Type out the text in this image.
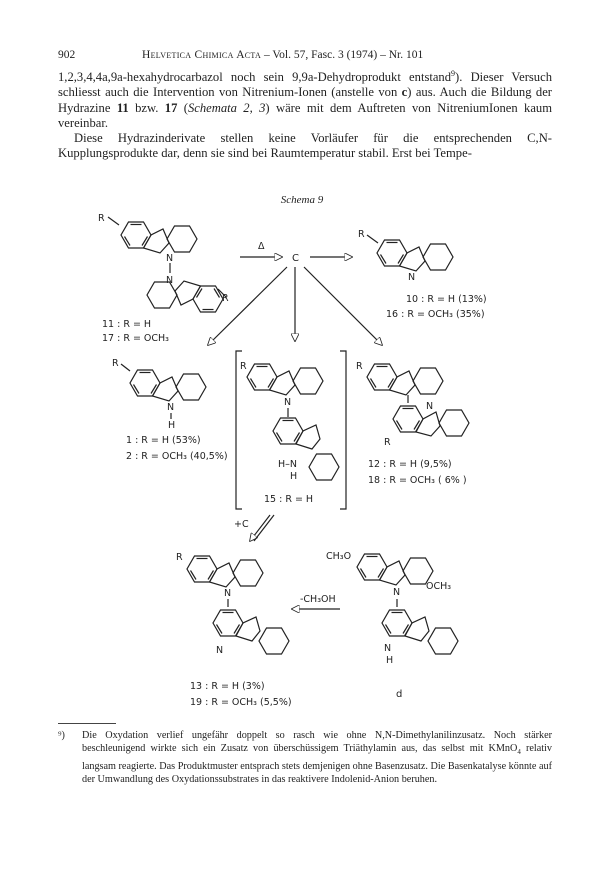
902	Helvetica Chimica Acta – Vol. 57, Fasc. 3 (1974) – Nr. 101

1,2,3,4,4a,9a-hexahydrocarbazol noch sein 9,9a-Dehydroprodukt entstand$^9$). Dieser Versuch schliesst auch die Intervention von Nitrenium-Ionen (anstelle von c) aus. Auch die Bildung der Hydrazine 11 bzw. 17 (Schemata 2, 3) wäre mit dem Auftreten von NitreniumIonen kaum vereinbar.

Diese Hydrazinderivate stellen keine Vorläufer für die entsprechenden C,N-Kupplungsprodukte dar, denn sie sind bei Raumtemperatur stabil. Erst bei Tempe-

Schema 9
R
N
N
R
11 : R = H
17 : R = OCH₃
Δ
C
R
N
10 : R = H (13%)
16 : R = OCH₃ (35%)
R
N
H
1 : R = H (53%)
2 : R = OCH₃ (40,5%)
R
N
H–N
H
15 : R = H
R
N
R
12 : R = H (9,5%)
18 : R = OCH₃ ( 6% )
+C
R
N
N
13 : R = H (3%)
19 : R = OCH₃ (5,5%)
-CH₃OH
CH₃O
N
OCH₃
N
H
d
⁹) Die Oxydation verlief ungefähr doppelt so rasch wie ohne N,N-Dimethylanilinzusatz. Noch stärker beschleunigend wirkte sich ein Zusatz von überschüssigem Triäthylamin aus, das selbst mit KMnO$_4$ relativ langsam reagierte. Das Produktmuster entsprach stets demjenigen ohne Basenzusatz. Die Basenkatalyse könnte auf der Umwandlung des Oxydationssubstrates in das reaktivere Indolenid-Anion beruhen.
